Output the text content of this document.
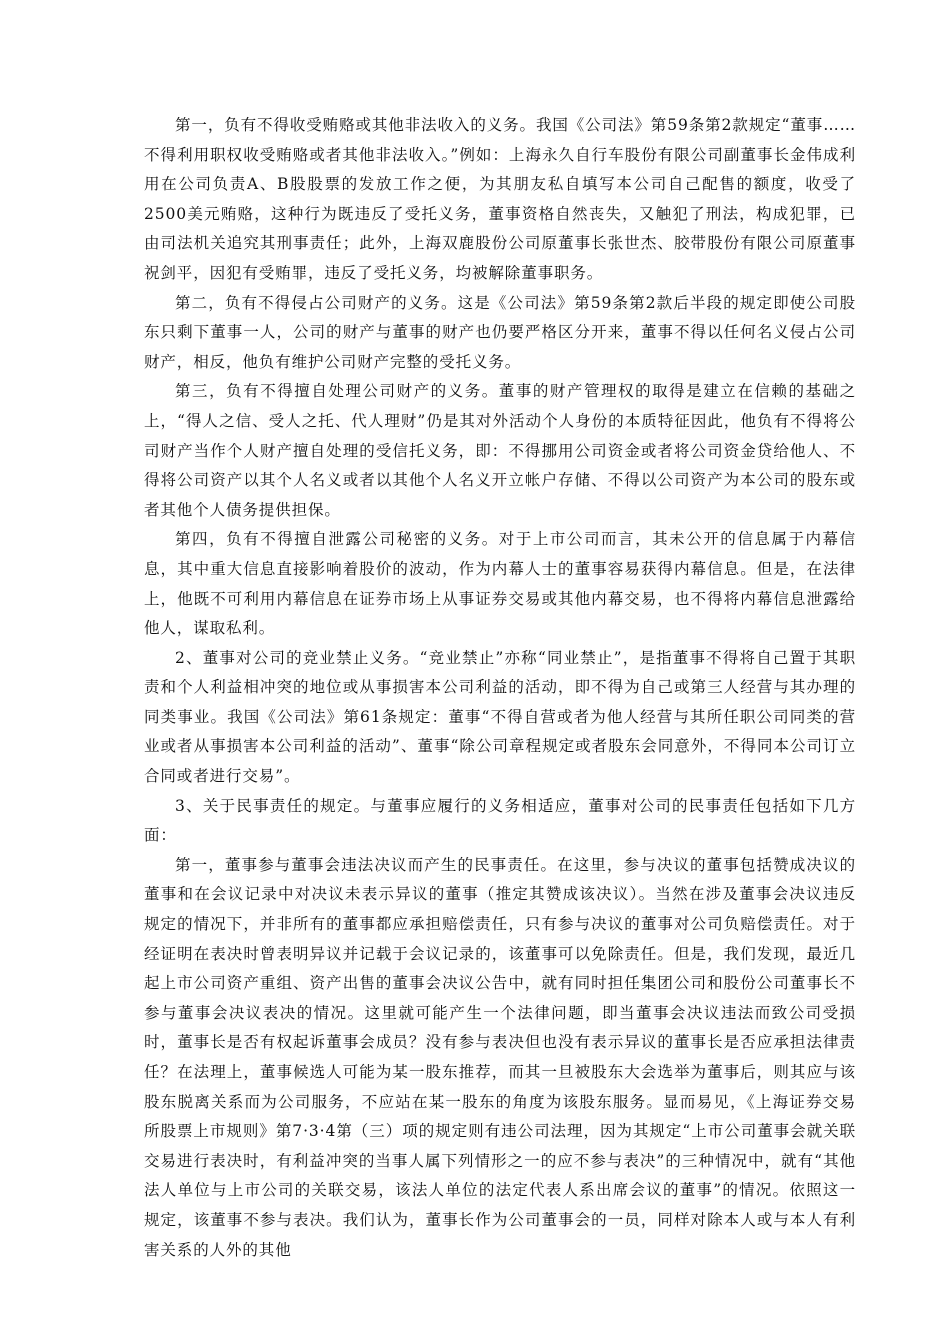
第一，负有不得收受贿赂或其他非法收入的义务。我国《公司法》第59条第2款规定“董事……不得利用职权收受贿赂或者其他非法收入。”例如：上海永久自行车股份有限公司副董事长金伟成利用在公司负责A、B股股票的发放工作之便，为其朋友私自填写本公司自己配售的额度，收受了2500美元贿赂，这种行为既违反了受托义务，董事资格自然丧失，又触犯了刑法，构成犯罪，已由司法机关追究其刑事责任；此外，上海双鹿股份公司原董事长张世杰、胶带股份有限公司原董事祝剑平，因犯有受贿罪，违反了受托义务，均被解除董事职务。

第二，负有不得侵占公司财产的义务。这是《公司法》第59条第2款后半段的规定即使公司股东只剩下董事一人，公司的财产与董事的财产也仍要严格区分开来，董事不得以任何名义侵占公司财产，相反，他负有维护公司财产完整的受托义务。

第三，负有不得擅自处理公司财产的义务。董事的财产管理权的取得是建立在信赖的基础之上，“得人之信、受人之托、代人理财”仍是其对外活动个人身份的本质特征因此，他负有不得将公司财产当作个人财产擅自处理的受信托义务，即：不得挪用公司资金或者将公司资金贷给他人、不得将公司资产以其个人名义或者以其他个人名义开立帐户存储、不得以公司资产为本公司的股东或者其他个人债务提供担保。

第四，负有不得擅自泄露公司秘密的义务。对于上市公司而言，其未公开的信息属于内幕信息，其中重大信息直接影响着股价的波动，作为内幕人士的董事容易获得内幕信息。但是，在法律上，他既不可利用内幕信息在证券市场上从事证券交易或其他内幕交易，也不得将内幕信息泄露给他人，谋取私利。

2、董事对公司的竞业禁止义务。“竞业禁止”亦称“同业禁止”，是指董事不得将自己置于其职责和个人利益相冲突的地位或从事损害本公司利益的活动，即不得为自己或第三人经营与其办理的同类事业。我国《公司法》第61条规定：董事“不得自营或者为他人经营与其所任职公司同类的营业或者从事损害本公司利益的活动”、董事“除公司章程规定或者股东会同意外，不得同本公司订立合同或者进行交易”。

3、关于民事责任的规定。与董事应履行的义务相适应，董事对公司的民事责任包括如下几方面：

第一，董事参与董事会违法决议而产生的民事责任。在这里，参与决议的董事包括赞成决议的董事和在会议记录中对决议未表示异议的董事（推定其赞成该决议）。当然在涉及董事会决议违反规定的情况下，并非所有的董事都应承担赔偿责任，只有参与决议的董事对公司负赔偿责任。对于经证明在表决时曾表明异议并记载于会议记录的，该董事可以免除责任。但是，我们发现，最近几起上市公司资产重组、资产出售的董事会决议公告中，就有同时担任集团公司和股份公司董事长不参与董事会决议表决的情况。这里就可能产生一个法律问题，即当董事会决议违法而致公司受损时，董事长是否有权起诉董事会成员？没有参与表决但也没有表示异议的董事长是否应承担法律责任？在法理上，董事候选人可能为某一股东推荐，而其一旦被股东大会选举为董事后，则其应与该股东脱离关系而为公司服务，不应站在某一股东的角度为该股东服务。显而易见，《上海证券交易所股票上市规则》第7·3·4第（三）项的规定则有违公司法理，因为其规定“上市公司董事会就关联交易进行表决时，有利益冲突的当事人属下列情形之一的应不参与表决”的三种情况中，就有“其他法人单位与上市公司的关联交易，该法人单位的法定代表人系出席会议的董事”的情况。依照这一规定，该董事不参与表决。我们认为，董事长作为公司董事会的一员，同样对除本人或与本人有利害关系的人外的其他
